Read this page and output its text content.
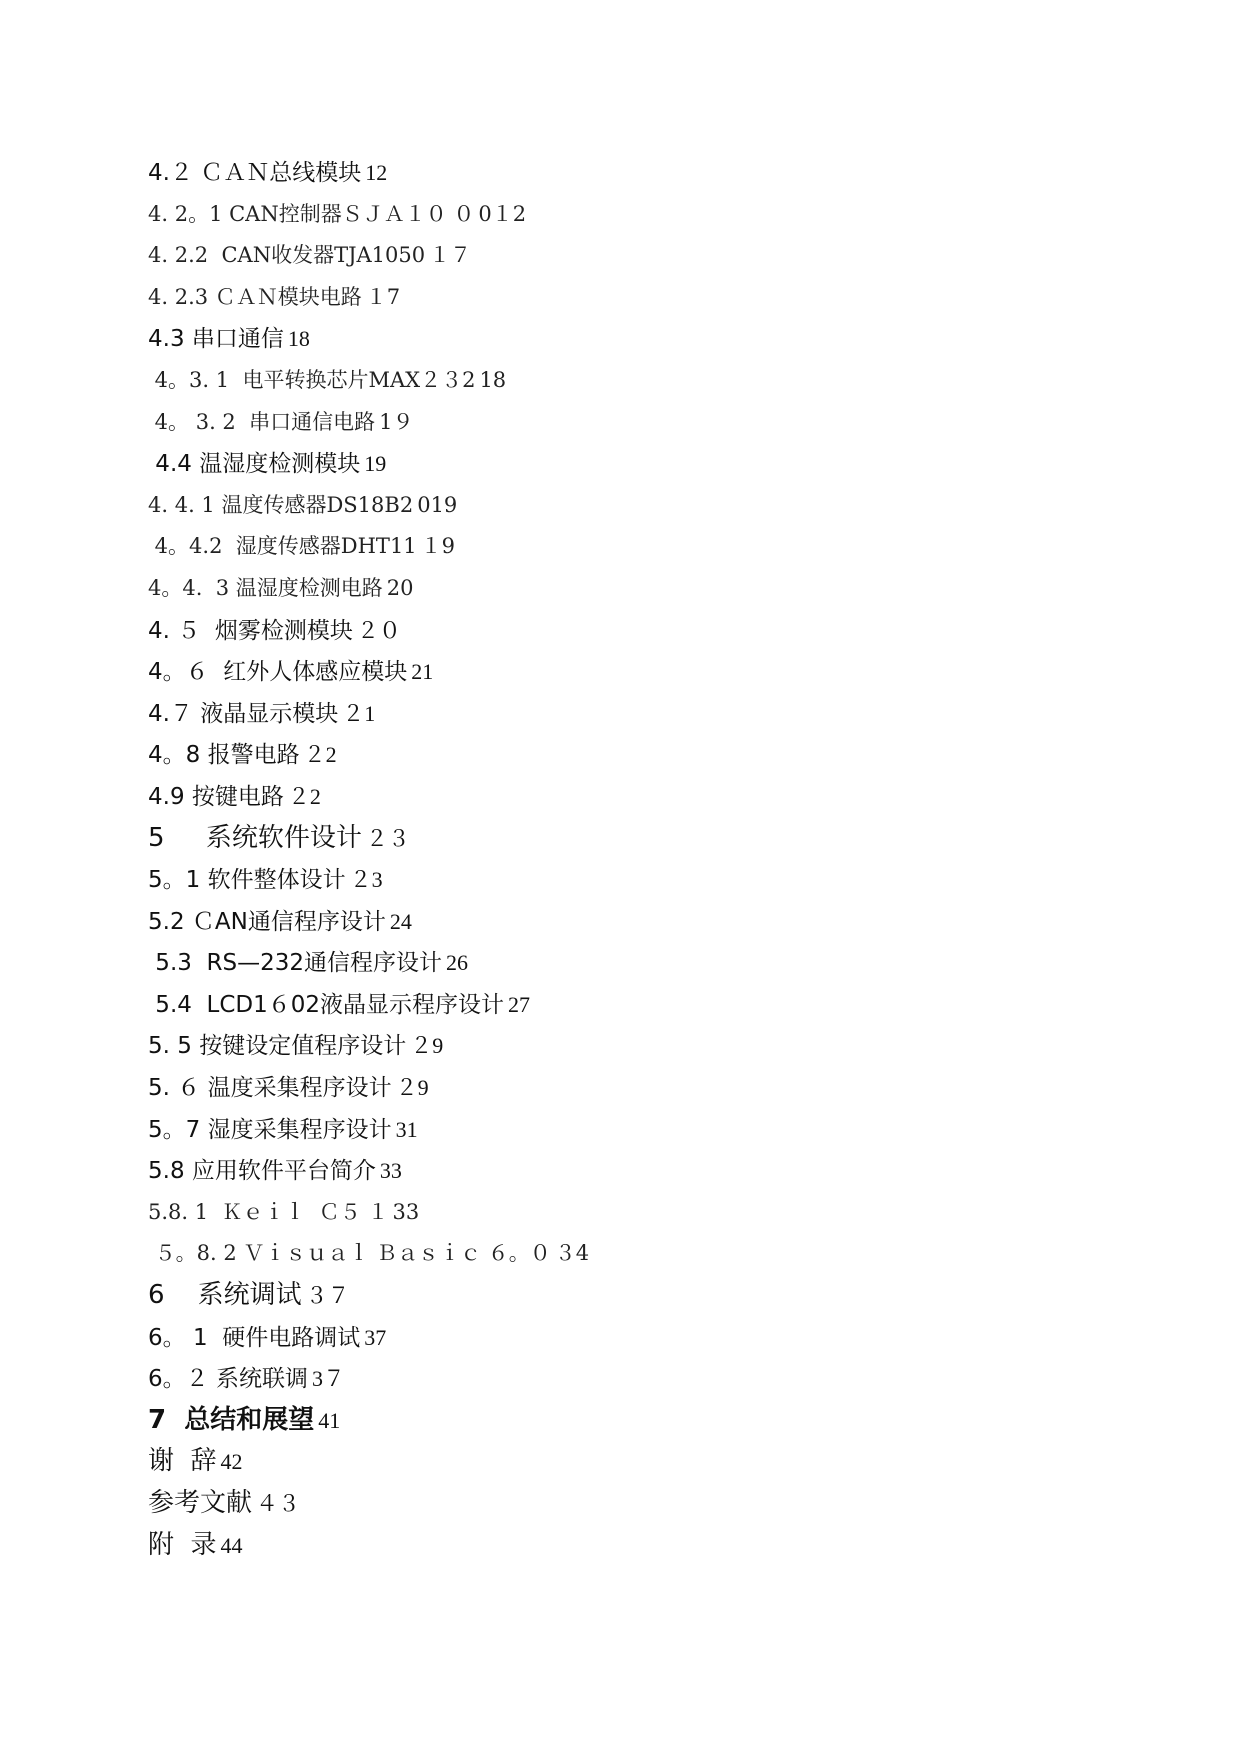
4.２ ＣＡＮ总线模块 12
4. 2。1 CAN控制器ＳＪＡ１０ ０ 0１2
4. 2.2  CAN收发器TJA1050 １７
4. 2.3 ＣＡＮ模块电路 １7
4.3 串口通信 18
4。3. 1  电平转换芯片MAX２３2 18
4。 3. 2  串口通信电路 1９
4.4 温湿度检测模块 19
4. 4. 1 温度传感器DS18B2 019
4。4.2  湿度传感器DHT11 １9
4。4.  3 温湿度检测电路 20
4. ５  烟雾检测模块 ２０
4。６  红外人体感应模块 21
4.７ 液晶显示模块 ２1
4。8 报警电路 ２2
4.9 按键电路 ２2
5     系统软件设计 ２３
5。1 软件整体设计 ２3
5.2 ＣAN通信程序设计 24
5.3  RS—232通信程序设计 26
5.4  LCD1６02液晶显示程序设计 27
5. 5 按键设定值程序设计 ２9
5. ６ 温度采集程序设计 ２9
5。7 湿度采集程序设计 31
5.8 应用软件平台简介 33
5.8. 1  Ｋｅｉｌ  Ｃ５ １ 33
５。8. 2 Ｖｉｓｕａｌ Ｂａｓｉｃ ６。０ ３4
6    系统调试 ３７
6。 1  硬件电路调试 37
6。２ 系统联调 3７
7  总结和展望 41
谢  辞 42
参考文献 ４３
附  录 44
